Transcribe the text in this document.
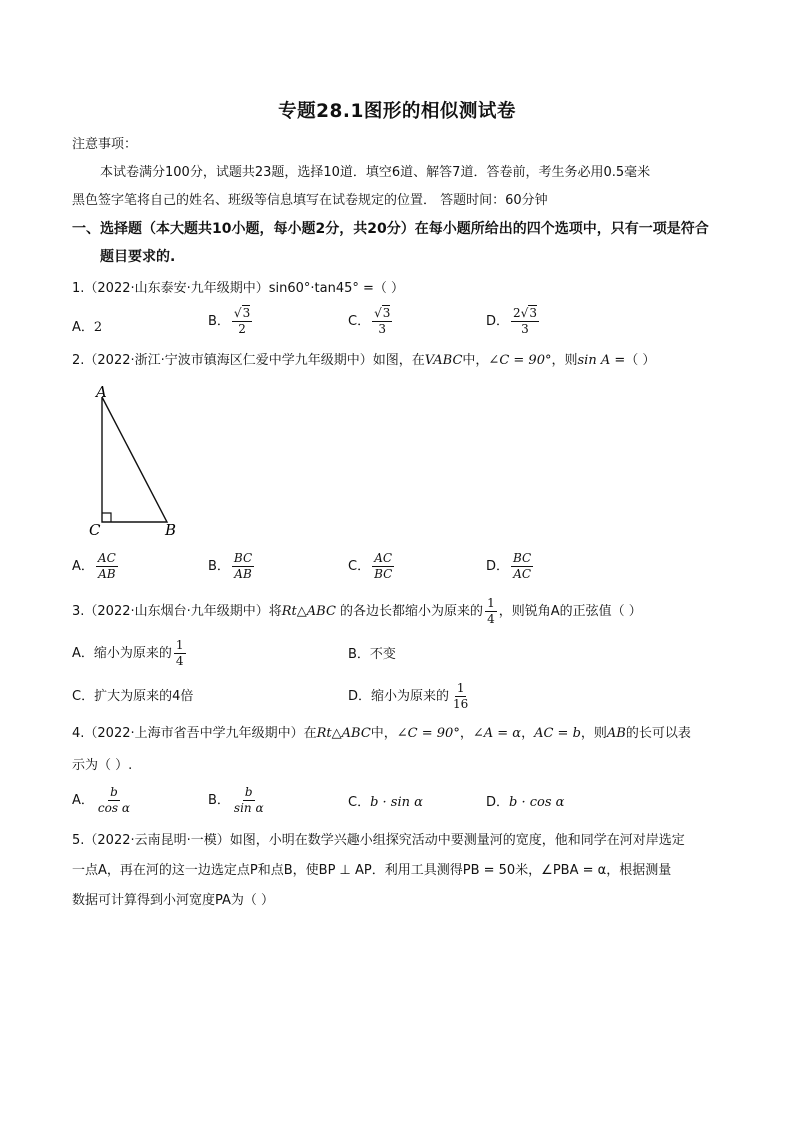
专题28.1图形的相似测试卷
注意事项：
本试卷满分100分，试题共23题，选择10道．填空6道、解答7道．答卷前，考生务必用0.5毫米
黑色签字笔将自己的姓名、班级等信息填写在试卷规定的位置． 答题时间：60分钟
一、选择题（本大题共10小题，每小题2分，共20分）在每小题所给出的四个选项中，只有一项是符合
题目要求的.
1.（2022·山东泰安·九年级期中）sin60°·tan45° =（ ）
A．2	B． $\frac{√3}{2}$	C． $\frac{√3}{3}$	D． $\frac{2√3}{3}$
2.（2022·浙江·宁波市镇海区仁爱中学九年级期中）如图，在VABC中，∠C = 90°，则sin A =（ ）
A
C	B
A． $\frac{AC}{AB}$	B． $\frac{BC}{AB}$	C． $\frac{AC}{BC}$	D． $\frac{BC}{AC}$
3.（2022·山东烟台·九年级期中）将Rt△ABC 的各边长都缩小为原来的 $\frac{1}{4}$ ，则锐角A的正弦值（ ）
A．缩小为原来的 $\frac{1}{4}$	B．不变
C．扩大为原来的4倍	D．缩小为原来的 $\frac{1}{16}$
4.（2022·上海市省吾中学九年级期中）在Rt△ABC中，∠C = 90°，∠A = α，AC = b，则AB的长可以表
示为（ ）.
A． $\frac{b}{\text{cos α}}$	B． $\frac{b}{\text{sin α}}$	C．b · sin α	D．b · cos α
5.（2022·云南昆明·一模）如图，小明在数学兴趣小组探究活动中要测量河的宽度，他和同学在河对岸选定
一点A，再在河的这一边选定点P和点B，使BP ⊥ AP．利用工具测得PB = 50米，∠PBA = α，根据测量
数据可计算得到小河宽度PA为（ ）
